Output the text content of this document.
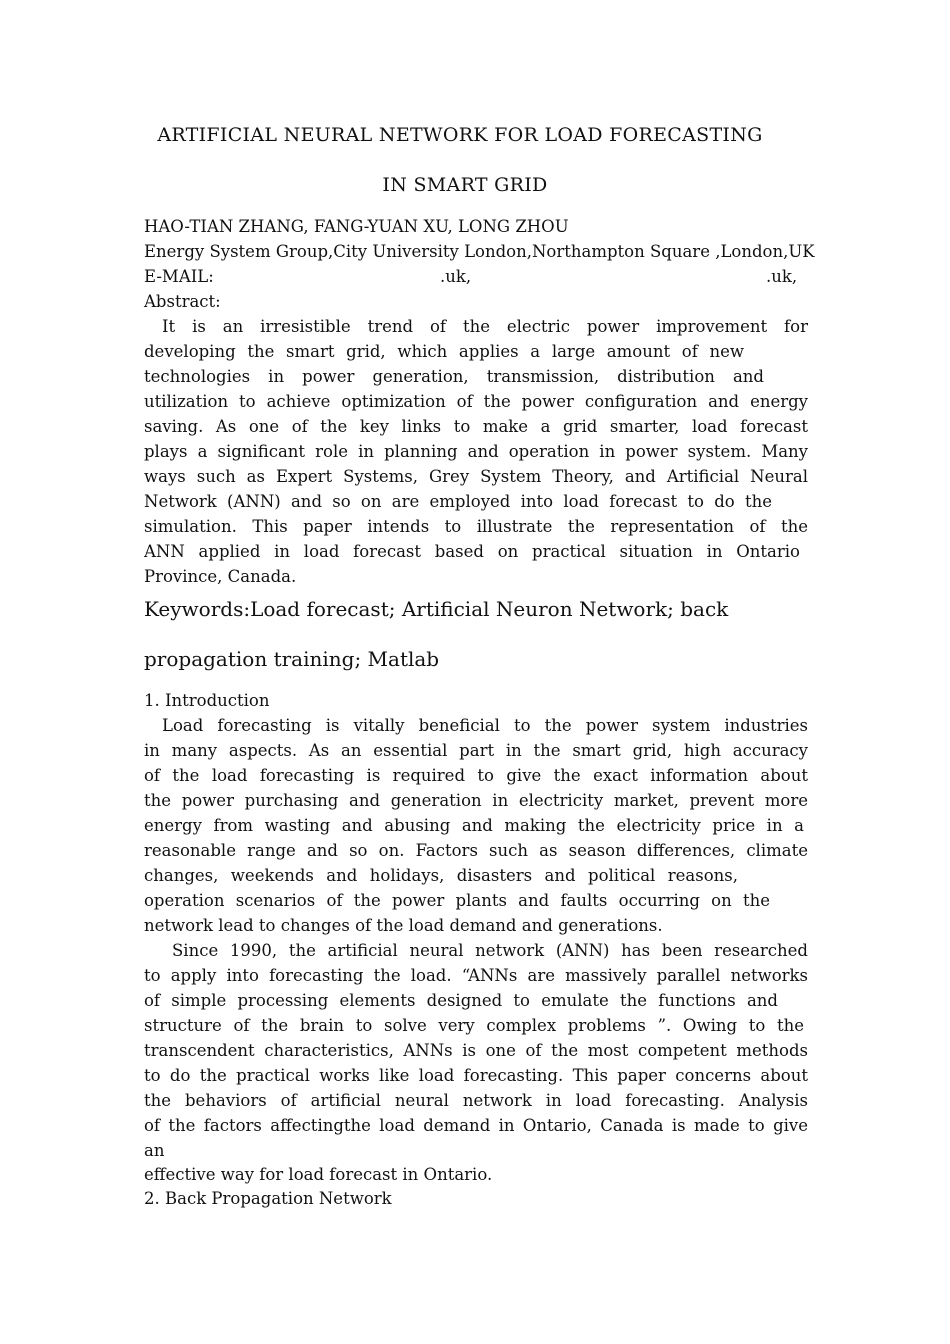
ARTIFICIAL NEURAL NETWORK FOR LOAD FORECASTING
IN SMART GRID
HAO-TIAN ZHANG, FANG-YUAN XU, LONG ZHOU
Energy System Group,City University London,Northampton Square ,London,UK
E-MAIL:	.uk,	.uk,
Abstract:
It is an irresistible trend of the electric power improvement for
developing the smart grid, which applies a large amount of new
technologies in power generation, transmission, distribution and
utilization to achieve optimization of the power configuration and energy
saving. As one of the key links to make a grid smarter, load forecast
plays a significant role in planning and operation in power system. Many
ways such as Expert Systems, Grey System Theory, and Artificial Neural
Network (ANN) and so on are employed into load forecast to do the
simulation. This paper intends to illustrate the representation of the
ANN applied in load forecast based on practical situation in Ontario
Province, Canada.
Keywords:Load forecast; Artificial Neuron Network; back
propagation training; Matlab
1. Introduction
Load forecasting is vitally beneficial to the power system industries
in many aspects. As an essential part in the smart grid, high accuracy
of the load forecasting is required to give the exact information about
the power purchasing and generation in electricity market, prevent more
energy from wasting and abusing and making the electricity price in a
reasonable range and so on. Factors such as season differences, climate
changes, weekends and holidays, disasters and political reasons,
operation scenarios of the power plants and faults occurring on the
network lead to changes of the load demand and generations.
Since 1990, the artificial neural network (ANN) has been researched
to apply into forecasting the load. “ANNs are massively parallel networks
of simple processing elements designed to emulate the functions and
structure of the brain to solve very complex problems ”. Owing to the
transcendent characteristics, ANNs is one of the most competent methods
to do the practical works like load forecasting. This paper concerns about
the behaviors of artificial neural network in load forecasting. Analysis
of the factors affectingthe load demand in Ontario, Canada is made to give
an
effective way for load forecast in Ontario.
2. Back Propagation Network
